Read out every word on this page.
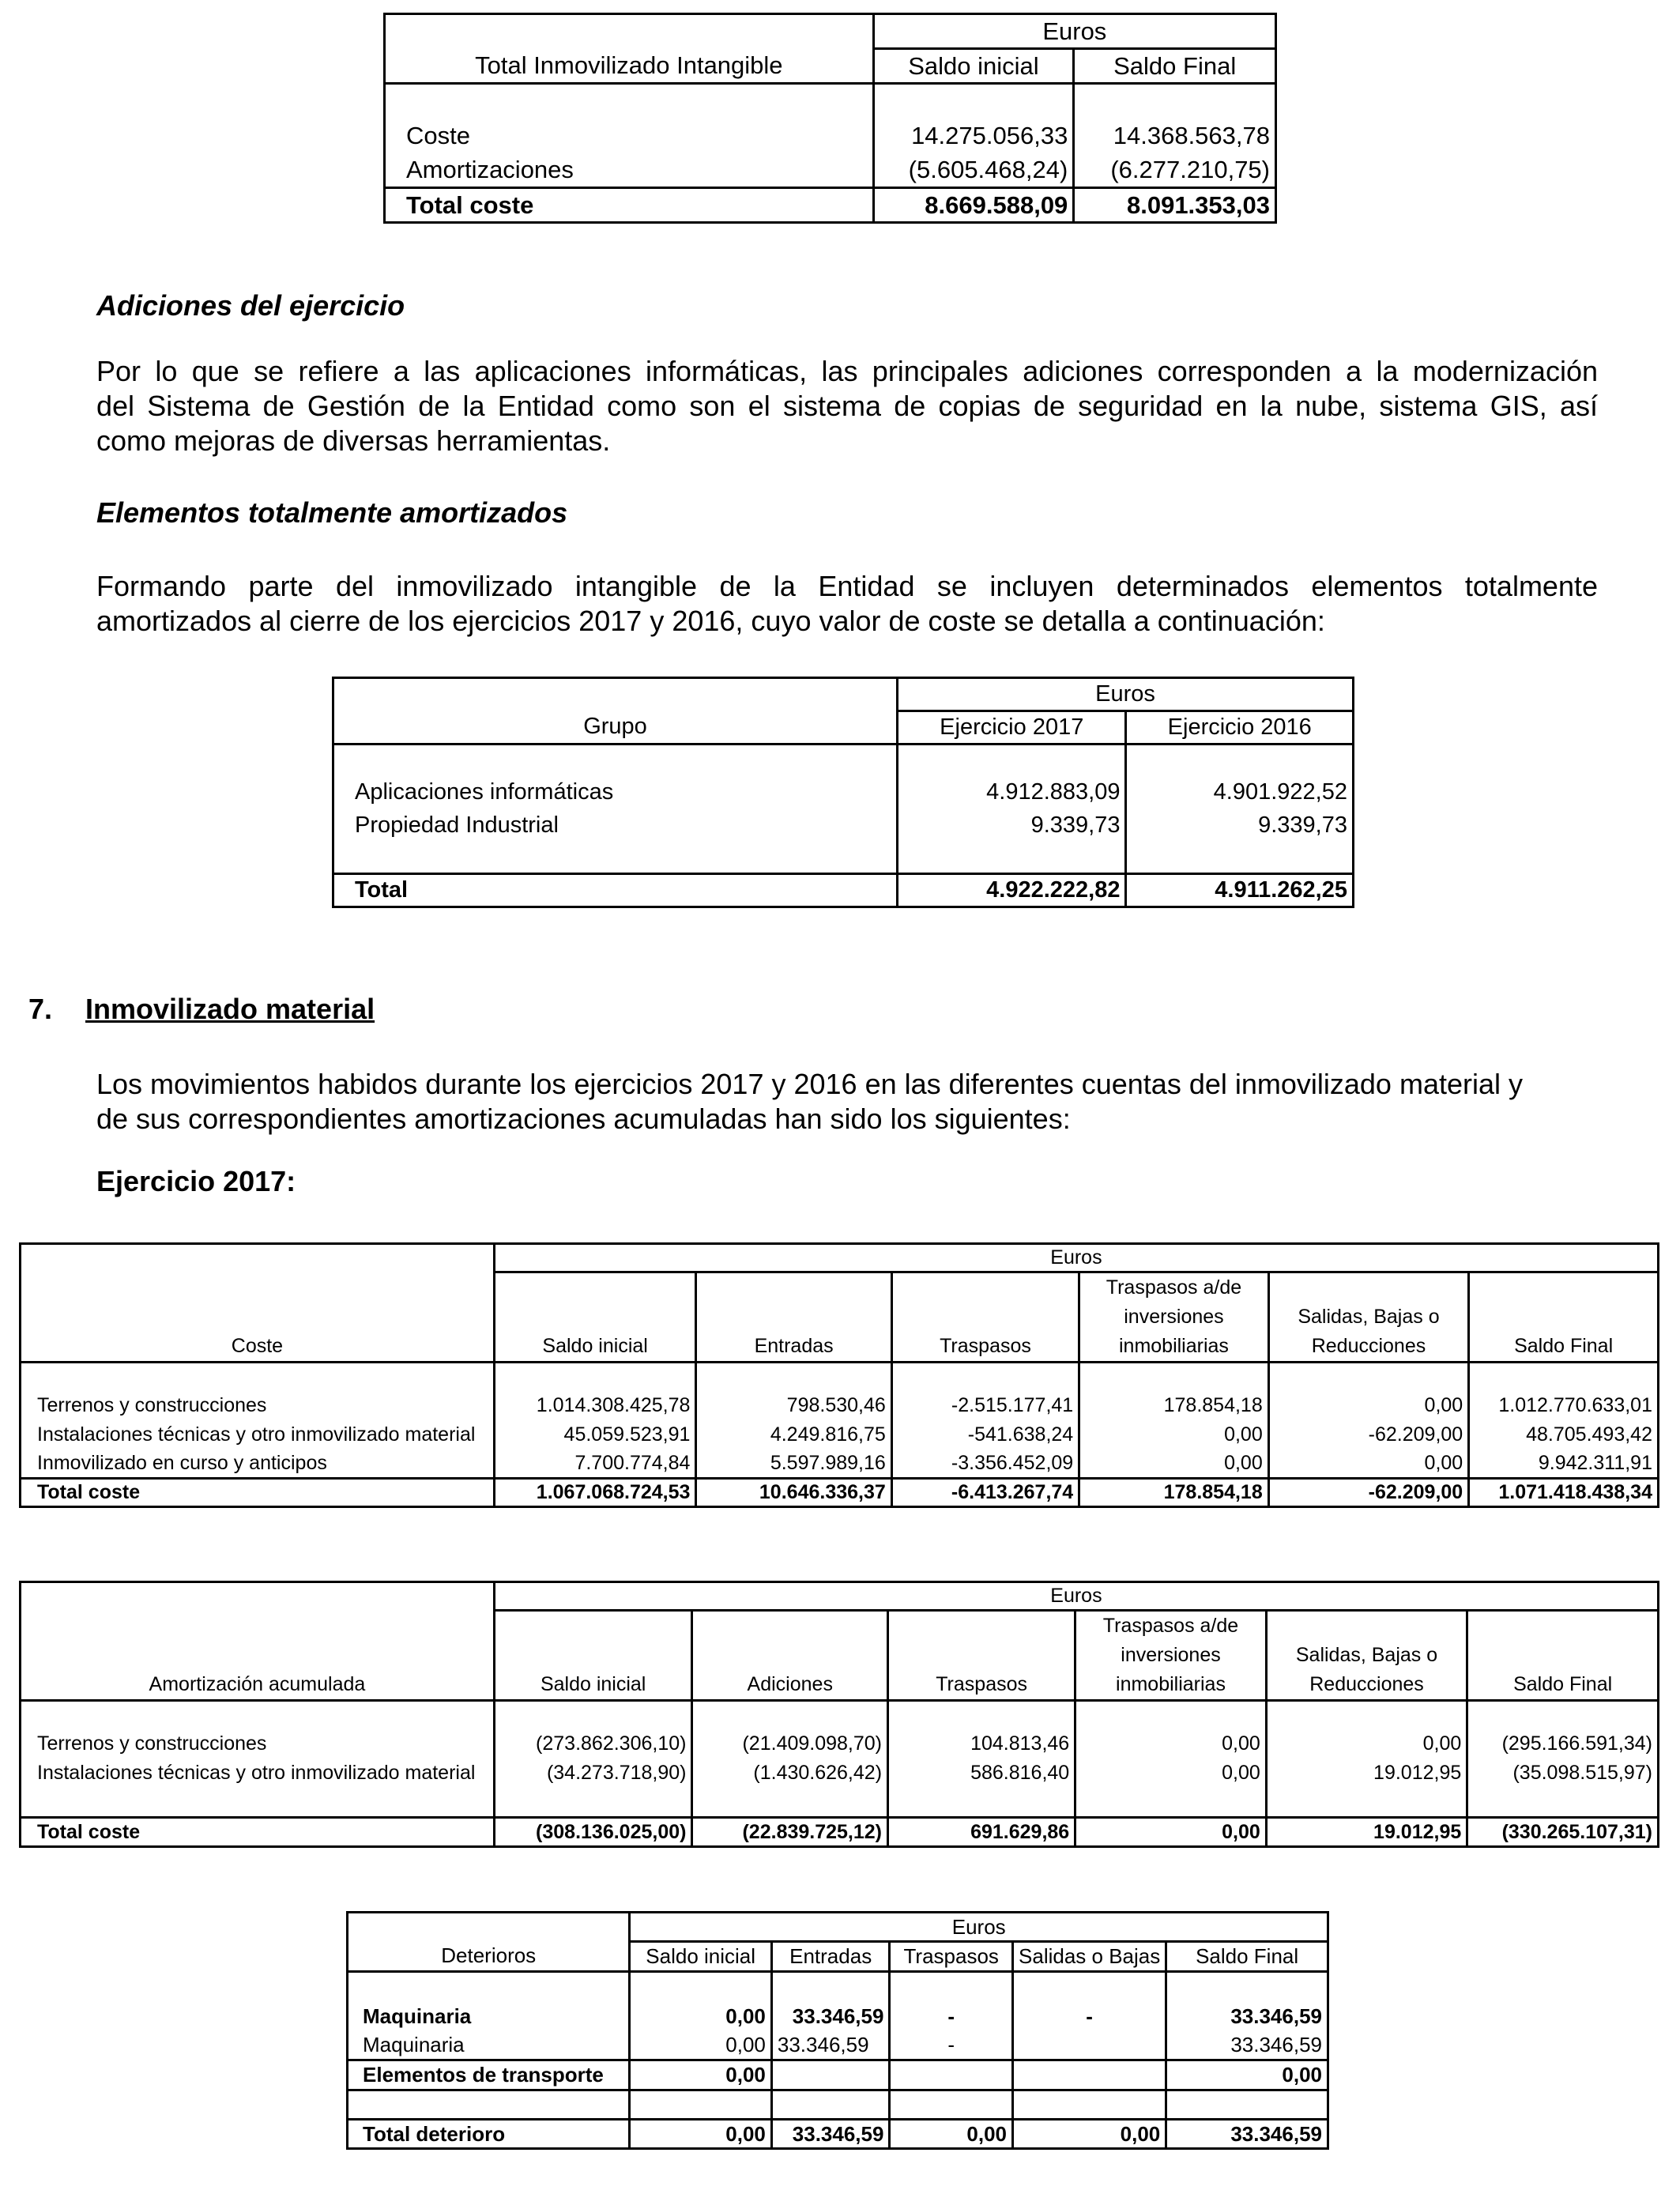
	Euros	
Total Inmovilizado Intangible	Saldo inicial	Saldo Final

Coste	14.275.056,33	14.368.563,78
Amortizaciones	(5.605.468,24)	(6.277.210,75)
Total coste	8.669.588,09	8.091.353,03
Adiciones del ejercicio
Por lo que se refiere a las aplicaciones informáticas, las principales adiciones corresponden a la modernización
del Sistema de Gestión de la Entidad como son el sistema de copias de seguridad en la nube, sistema GIS, así
como mejoras de diversas herramientas.
Elementos totalmente amortizados
Formando parte del inmovilizado intangible de la Entidad se incluyen determinados elementos totalmente
amortizados al cierre de los ejercicios 2017 y 2016, cuyo valor de coste se detalla a continuación:
	Euros	
Grupo	Ejercicio 2017	Ejercicio 2016

Aplicaciones informáticas	4.912.883,09	4.901.922,52
Propiedad Industrial	9.339,73	9.339,73

Total	4.922.222,82	4.911.262,25
7. Inmovilizado material
Los movimientos habidos durante los ejercicios 2017 y 2016 en las diferentes cuentas del inmovilizado material y
de sus correspondientes amortizaciones acumuladas han sido los siguientes:
Ejercicio 2017:
	Euros					
				Traspasos a/de		
				inversiones	Salidas, Bajas o	
Coste	Saldo inicial	Entradas	Traspasos	inmobiliarias	Reducciones	Saldo Final

Terrenos y construcciones	1.014.308.425,78	798.530,46	-2.515.177,41	178.854,18	0,00	1.012.770.633,01
Instalaciones técnicas y otro inmovilizado material	45.059.523,91	4.249.816,75	-541.638,24	0,00	-62.209,00	48.705.493,42
Inmovilizado en curso y anticipos	7.700.774,84	5.597.989,16	-3.356.452,09	0,00	0,00	9.942.311,91
Total coste	1.067.068.724,53	10.646.336,37	-6.413.267,74	178.854,18	-62.209,00	1.071.418.438,34
	Euros					
				Traspasos a/de		
				inversiones	Salidas, Bajas o	
Amortización acumulada	Saldo inicial	Adiciones	Traspasos	inmobiliarias	Reducciones	Saldo Final

Terrenos y construcciones	(273.862.306,10)	(21.409.098,70)	104.813,46	0,00	0,00	(295.166.591,34)
Instalaciones técnicas y otro inmovilizado material	(34.273.718,90)	(1.430.626,42)	586.816,40	0,00	19.012,95	(35.098.515,97)

Total coste	(308.136.025,00)	(22.839.725,12)	691.629,86	0,00	19.012,95	(330.265.107,31)
	Euros				
Deterioros	Saldo inicial	Entradas	Traspasos	Salidas o Bajas	Saldo Final

Maquinaria	0,00	33.346,59	-	-	33.346,59
Maquinaria	0,00	33.346,59	-		33.346,59
Elementos de transporte	0,00				0,00

Total deterioro	0,00	33.346,59	0,00	0,00	33.346,59
